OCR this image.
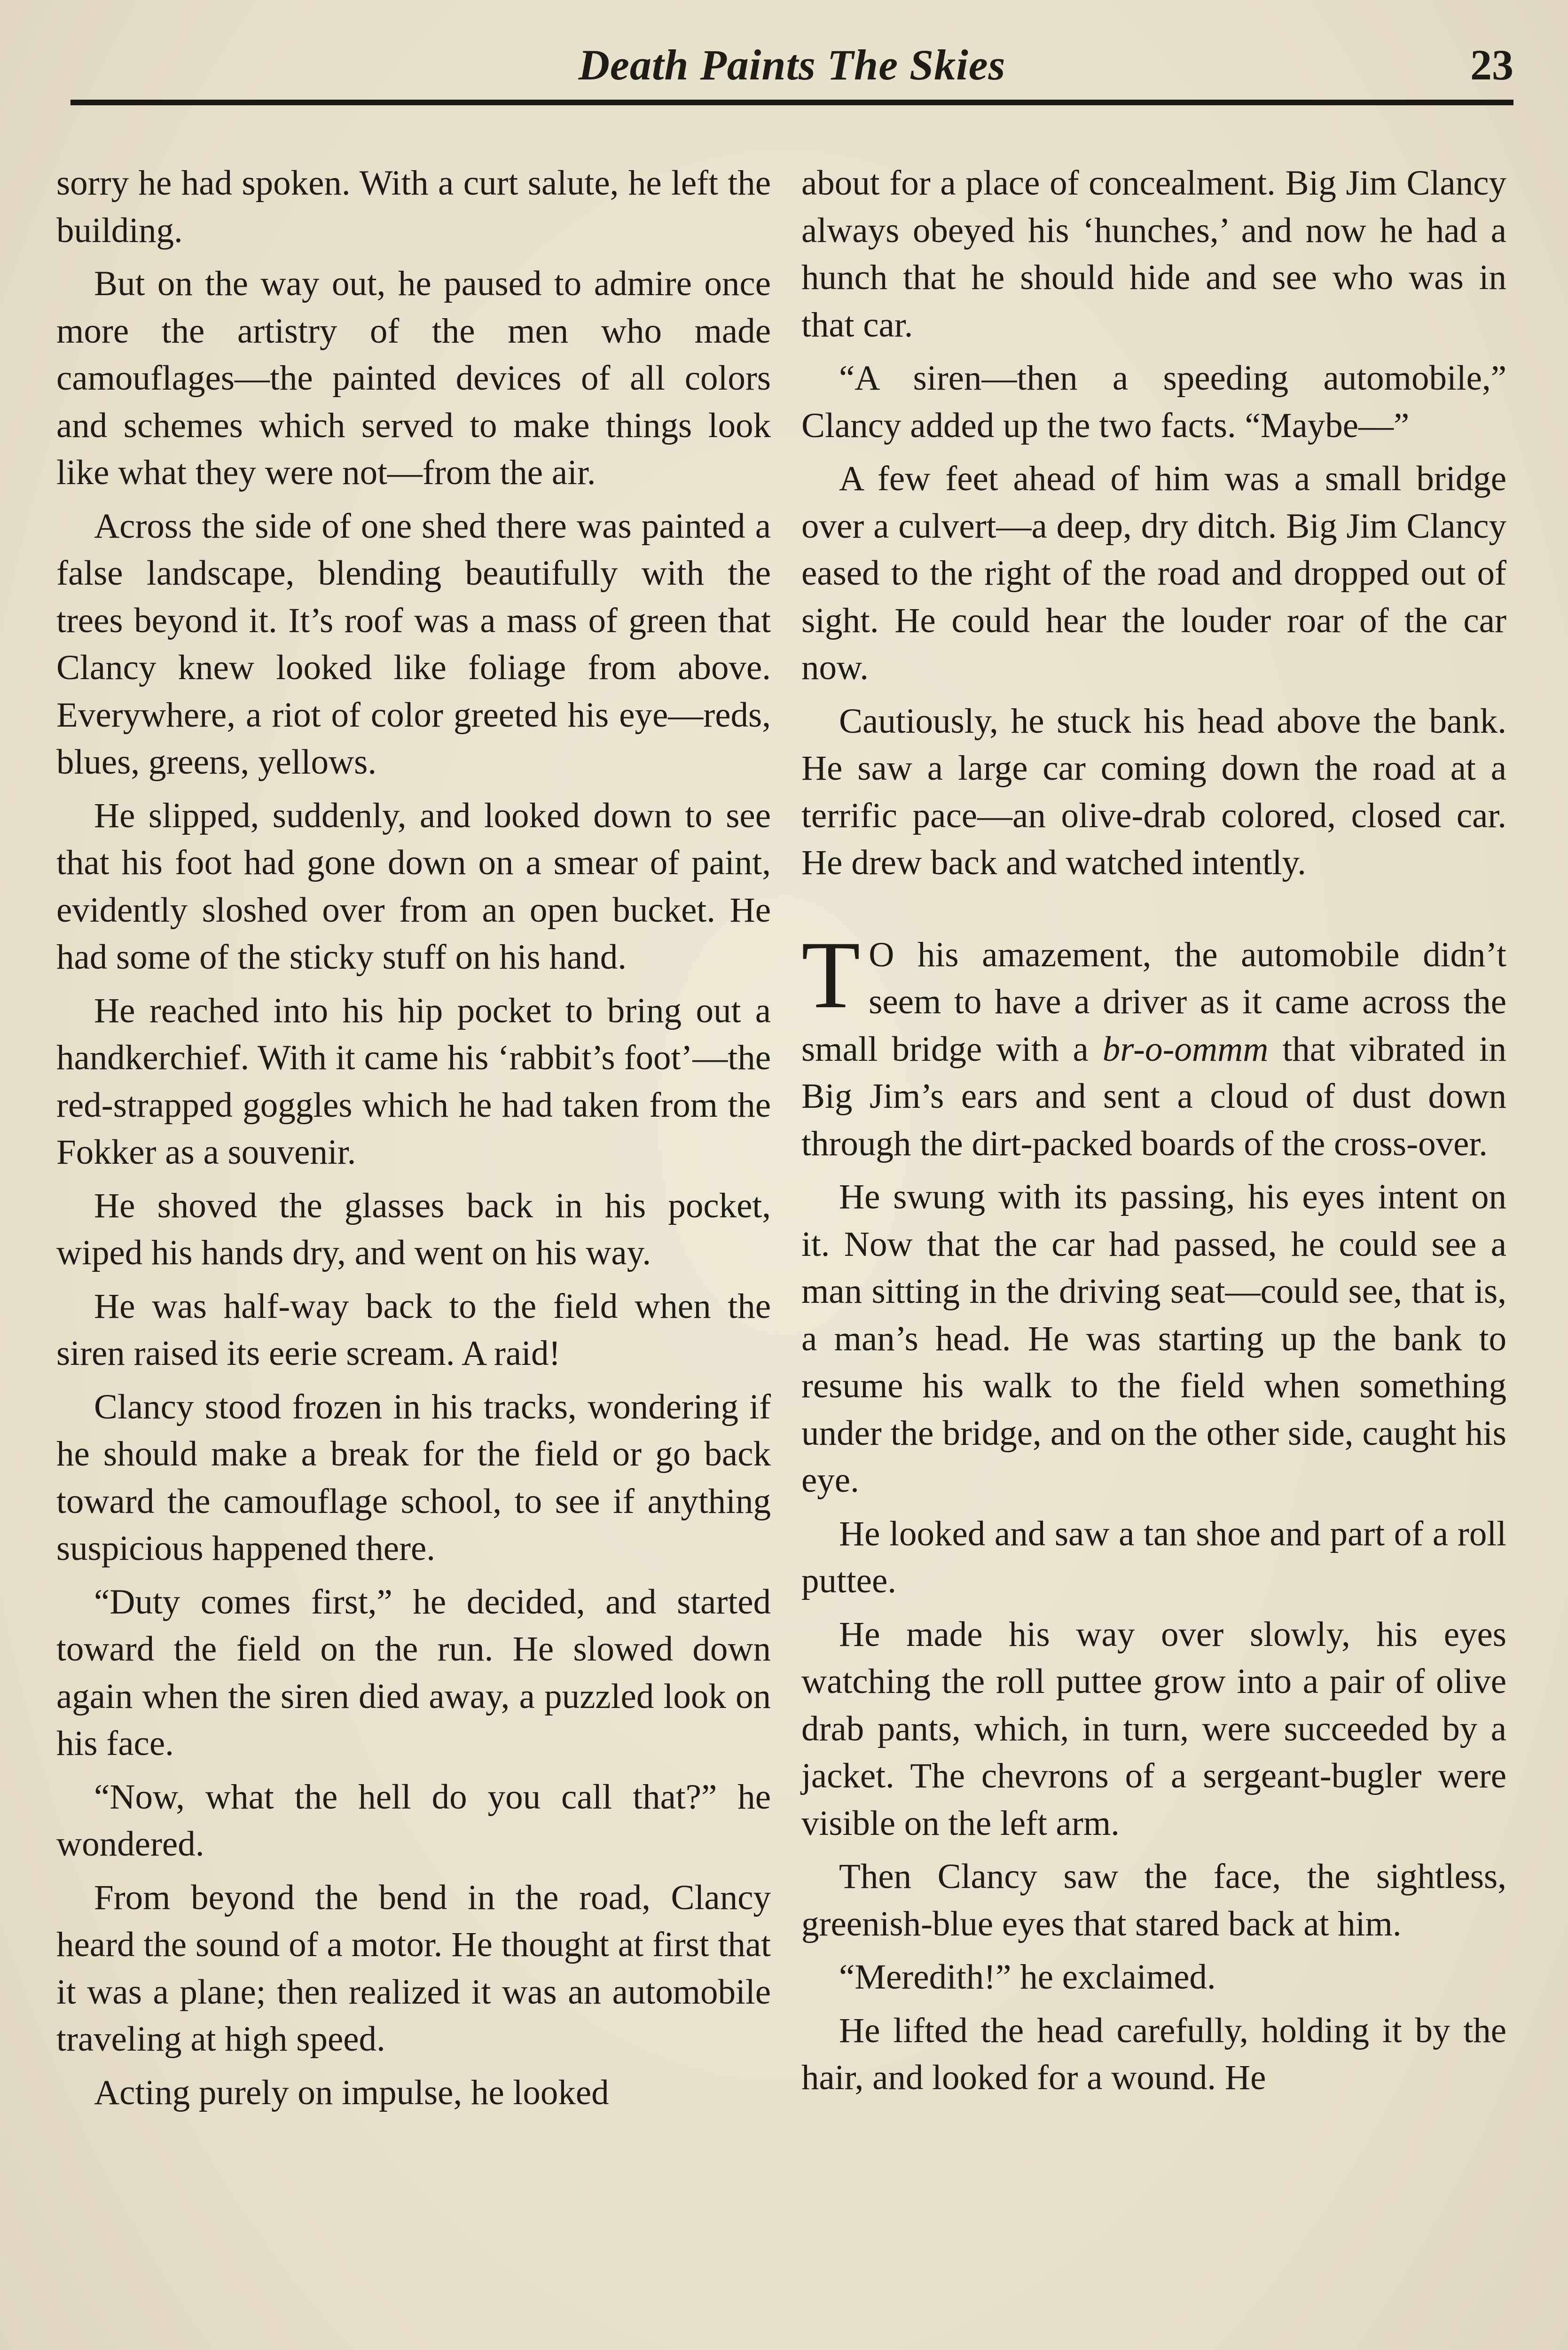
Death Paints The Skies	23

sorry he had spoken. With a curt salute, he left the building.

But on the way out, he paused to admire once more the artistry of the men who made camouflages—the painted devices of all colors and schemes which served to make things look like what they were not—from the air.

Across the side of one shed there was painted a false landscape, blending beautifully with the trees beyond it. It’s roof was a mass of green that Clancy knew looked like foliage from above. Everywhere, a riot of color greeted his eye—reds, blues, greens, yellows.

He slipped, suddenly, and looked down to see that his foot had gone down on a smear of paint, evidently sloshed over from an open bucket. He had some of the sticky stuff on his hand.

He reached into his hip pocket to bring out a handkerchief. With it came his ‘rabbit’s foot’—the red-strapped goggles which he had taken from the Fokker as a souvenir.

He shoved the glasses back in his pocket, wiped his hands dry, and went on his way.

He was half-way back to the field when the siren raised its eerie scream. A raid!

Clancy stood frozen in his tracks, wondering if he should make a break for the field or go back toward the camouflage school, to see if anything suspicious happened there.

“Duty comes first,” he decided, and started toward the field on the run. He slowed down again when the siren died away, a puzzled look on his face.

“Now, what the hell do you call that?” he wondered.

From beyond the bend in the road, Clancy heard the sound of a motor. He thought at first that it was a plane; then realized it was an automobile traveling at high speed.

Acting purely on impulse, he looked

about for a place of concealment. Big Jim Clancy always obeyed his ‘hunches,’ and now he had a hunch that he should hide and see who was in that car.

“A siren—then a speeding automobile,” Clancy added up the two facts. “Maybe—”

A few feet ahead of him was a small bridge over a culvert—a deep, dry ditch. Big Jim Clancy eased to the right of the road and dropped out of sight. He could hear the louder roar of the car now.

Cautiously, he stuck his head above the bank. He saw a large car coming down the road at a terrific pace—an olive-drab colored, closed car. He drew back and watched intently.

T O his amazement, the automobile didn’t seem to have a driver as it came across the small bridge with a br-o-ommm that vibrated in Big Jim’s ears and sent a cloud of dust down through the dirt-packed boards of the cross-over.

He swung with its passing, his eyes intent on it. Now that the car had passed, he could see a man sitting in the driving seat—could see, that is, a man’s head. He was starting up the bank to resume his walk to the field when something under the bridge, and on the other side, caught his eye.

He looked and saw a tan shoe and part of a roll puttee.

He made his way over slowly, his eyes watching the roll puttee grow into a pair of olive drab pants, which, in turn, were succeeded by a jacket. The chevrons of a sergeant-bugler were visible on the left arm.

Then Clancy saw the face, the sightless, greenish-blue eyes that stared back at him.

“Meredith!” he exclaimed.

He lifted the head carefully, holding it by the hair, and looked for a wound. He
